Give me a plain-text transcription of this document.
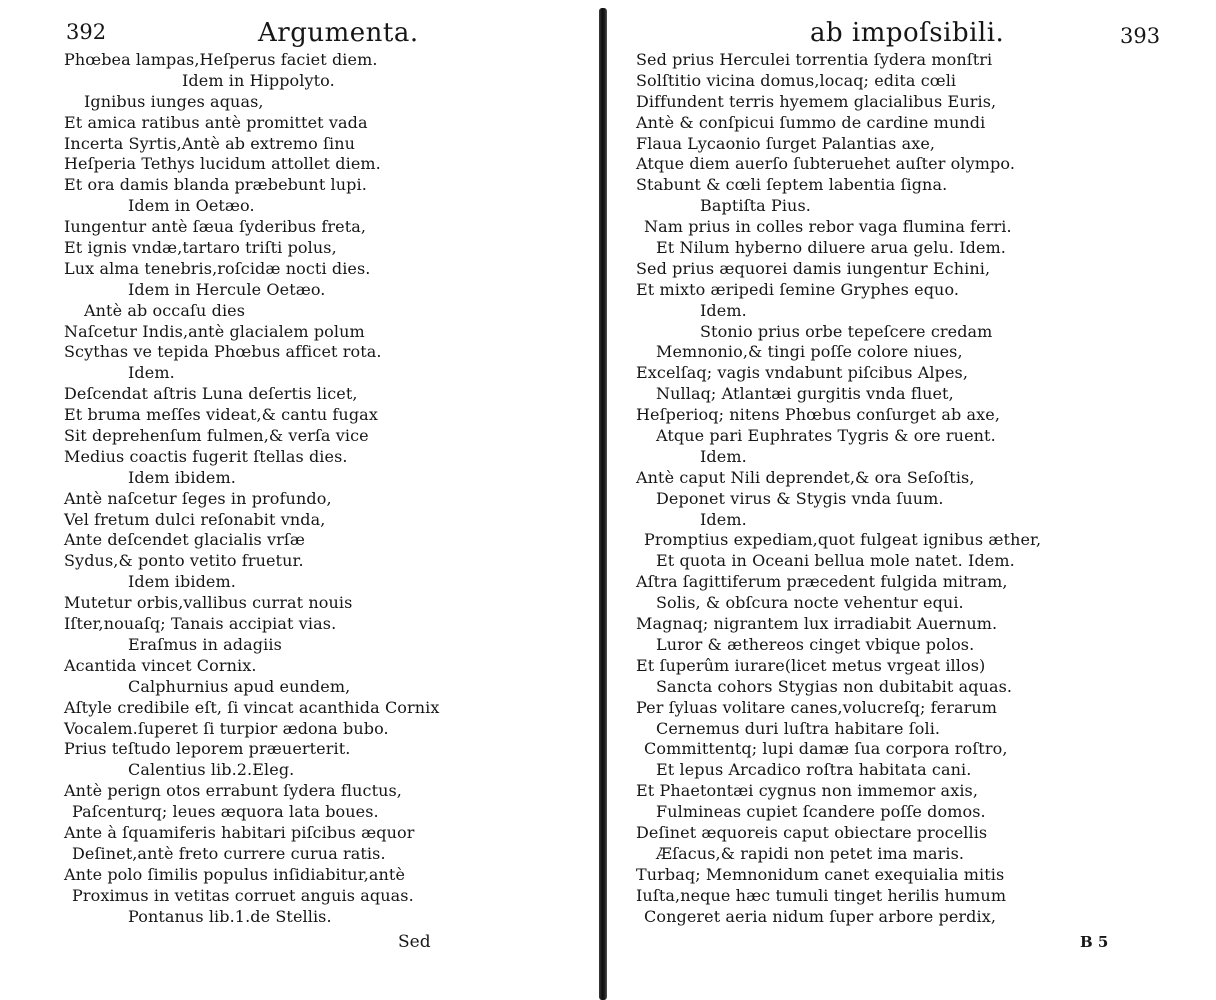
392	Argumenta.
Phœbea lampas,Heſperus faciet diem.
Idem in Hippolyto.
Ignibus iunges aquas,
Et amica ratibus antè promittet vada
Incerta Syrtis,Antè ab extremo ſinu
Heſperia Tethys lucidum attollet diem.
Et ora damis blanda præbebunt lupi.
Idem in Oetæo.
Iungentur antè ſæua ſyderibus freta,
Et ignis vndæ,tartaro triſti polus,
Lux alma tenebris,roſcidæ nocti dies.
Idem in Hercule Oetæo.
Antè ab occaſu dies
Naſcetur Indis,antè glacialem polum
Scythas ve tepida Phœbus afficet rota.
Idem.
Deſcendat aſtris Luna deſertis licet,
Et bruma meſſes videat,& cantu fugax
Sit deprehenſum fulmen,& verſa vice
Medius coactis fugerit ſtellas dies.
Idem ibidem.
Antè naſcetur ſeges in profundo,
Vel fretum dulci reſonabit vnda,
Ante deſcendet glacialis vrſæ
Sydus,& ponto vetito fruetur.
Idem ibidem.
Mutetur orbis,vallibus currat nouis
Iſter,nouaſq; Tanais accipiat vias.
Eraſmus in adagiis
Acantida vincet Cornix.
Calphurnius apud eundem,
Aſtyle credibile eſt, ſi vincat acanthida Cornix
Vocalem.ſuperet ſi turpior ædona bubo.
Prius teſtudo leporem præuerterit.
Calentius lib.2.Eleg.
Antè perign otos errabunt ſydera fluctus,
Paſcenturq; leues æquora lata boues.
Ante à ſquamiferis habitari piſcibus æquor
Deſinet,antè freto currere curua ratis.
Ante polo ſimilis populus inſidiabitur,antè
Proximus in vetitas corruet anguis aquas.
Pontanus lib.1.de Stellis.
Sed
ab impoſsibili.	393
Sed prius Herculei torrentia ſydera monſtri
Solſtitio vicina domus,locaq; edita cœli
Diffundent terris hyemem glacialibus Euris,
Antè & conſpicui ſummo de cardine mundi
Flaua Lycaonio ſurget Palantias axe,
Atque diem auerſo ſubteruehet auſter olympo.
Stabunt & cœli ſeptem labentia ſigna.
Baptiſta Pius.
Nam prius in colles rebor vaga flumina ferri.
Et Nilum hyberno diluere arua gelu. Idem.
Sed prius æquorei damis iungentur Echini,
Et mixto æripedi ſemine Gryphes equo.
Idem.
Stonio prius orbe tepeſcere credam
Memnonio,& tingi poſſe colore niues,
Excelſaq; vagis vndabunt piſcibus Alpes,
Nullaq; Atlantæi gurgitis vnda fluet,
Heſperioq; nitens Phœbus conſurget ab axe,
Atque pari Euphrates Tygris & ore ruent.
Idem.
Antè caput Nili deprendet,& ora Seſoſtis,
Deponet virus & Stygis vnda ſuum.
Idem.
Promptius expediam,quot fulgeat ignibus æther,
Et quota in Oceani bellua mole natet. Idem.
Aſtra ſagittiferum præcedent fulgida mitram,
Solis, & obſcura nocte vehentur equi.
Magnaq; nigrantem lux irradiabit Auernum.
Luror & æthereos cinget vbique polos.
Et ſuperûm iurare(licet metus vrgeat illos)
Sancta cohors Stygias non dubitabit aquas.
Per ſyluas volitare canes,volucreſq; ferarum
Cernemus duri luſtra habitare ſoli.
Committentq; lupi damæ ſua corpora roſtro,
Et lepus Arcadico roſtra habitata cani.
Et Phaetontæi cygnus non immemor axis,
Fulmineas cupiet ſcandere poſſe domos.
Deſinet æquoreis caput obiectare procellis
Æſacus,& rapidi non petet ima maris.
Turbaq; Memnonidum canet exequialia mitis
Iuſta,neque hæc tumuli tinget herilis humum
Congeret aeria nidum ſuper arbore perdix,
B 5
